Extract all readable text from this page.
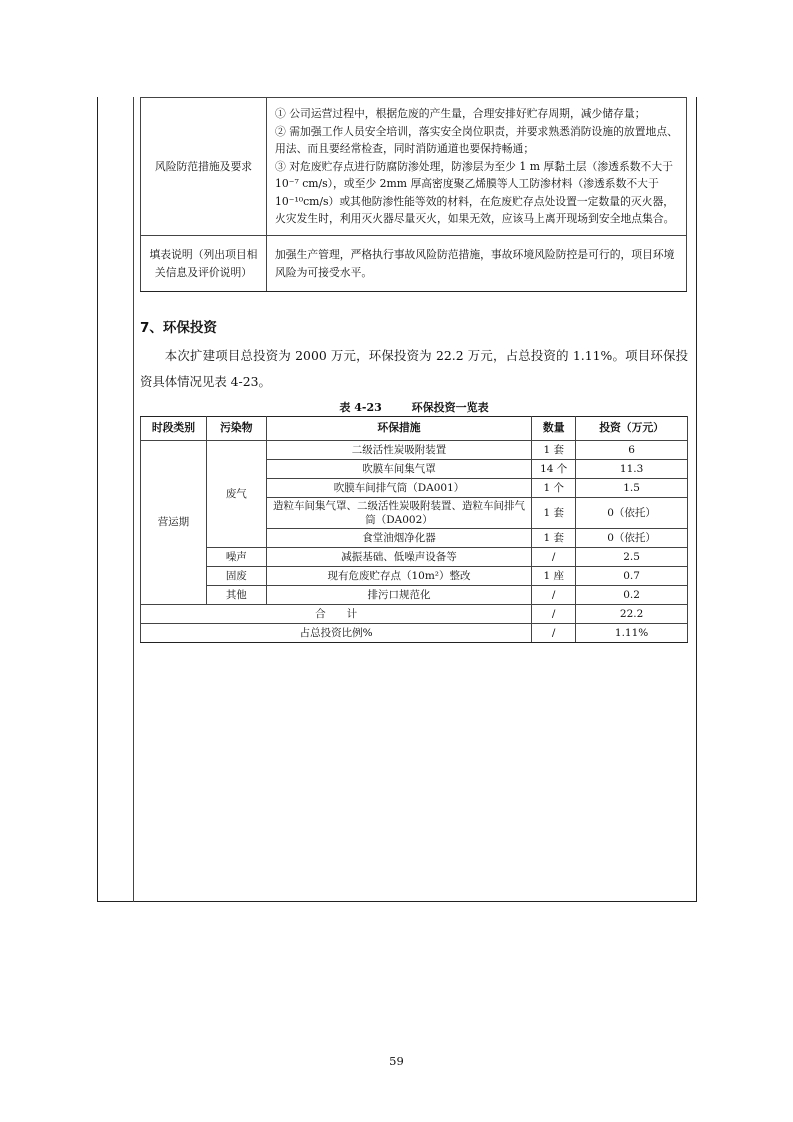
风险防范措施及要求	① 公司运营过程中，根据危废的产生量，合理安排好贮存周期，减少储存量；
② 需加强工作人员安全培训，落实安全岗位职责，并要求熟悉消防设施的放置地点、用法、而且要经常检查，同时消防通道也要保持畅通；
③ 对危废贮存点进行防腐防渗处理，防渗层为至少 1 m 厚黏土层（渗透系数不大于 10⁻⁷ cm/s），或至少 2mm 厚高密度聚乙烯膜等人工防渗材料（渗透系数不大于 10⁻¹⁰cm/s）或其他防渗性能等效的材料，在危废贮存点处设置一定数量的灭火器，火灾发生时，利用灭火器尽量灭火，如果无效，应该马上离开现场到安全地点集合。

填表说明（列出项目相关信息及评价说明）	加强生产管理，严格执行事故风险防范措施，事故环境风险防控是可行的，项目环境风险为可接受水平。
7、环保投资

本次扩建项目总投资为 2000 万元，环保投资为 22.2 万元，占总投资的 1.11%。项目环保投资具体情况见表 4-23。

表 4-23	环保投资一览表
时段类别	污染物	环保措施	数量	投资（万元）
营运期	废气	二级活性炭吸附装置	1 套	6
		吹膜车间集气罩	14 个	11.3
		吹膜车间排气筒（DA001）	1 个	1.5
		造粒车间集气罩、二级活性炭吸附装置、造粒车间排气筒（DA002）	1 套	0（依托）
		食堂油烟净化器	1 套	0（依托）
	噪声	减振基础、低噪声设备等	/	2.5
	固废	现有危废贮存点（10m²）整改	1 座	0.7
	其他	排污口规范化	/	0.2
合　　计			/	22.2
占总投资比例%			/	1.11%
59
